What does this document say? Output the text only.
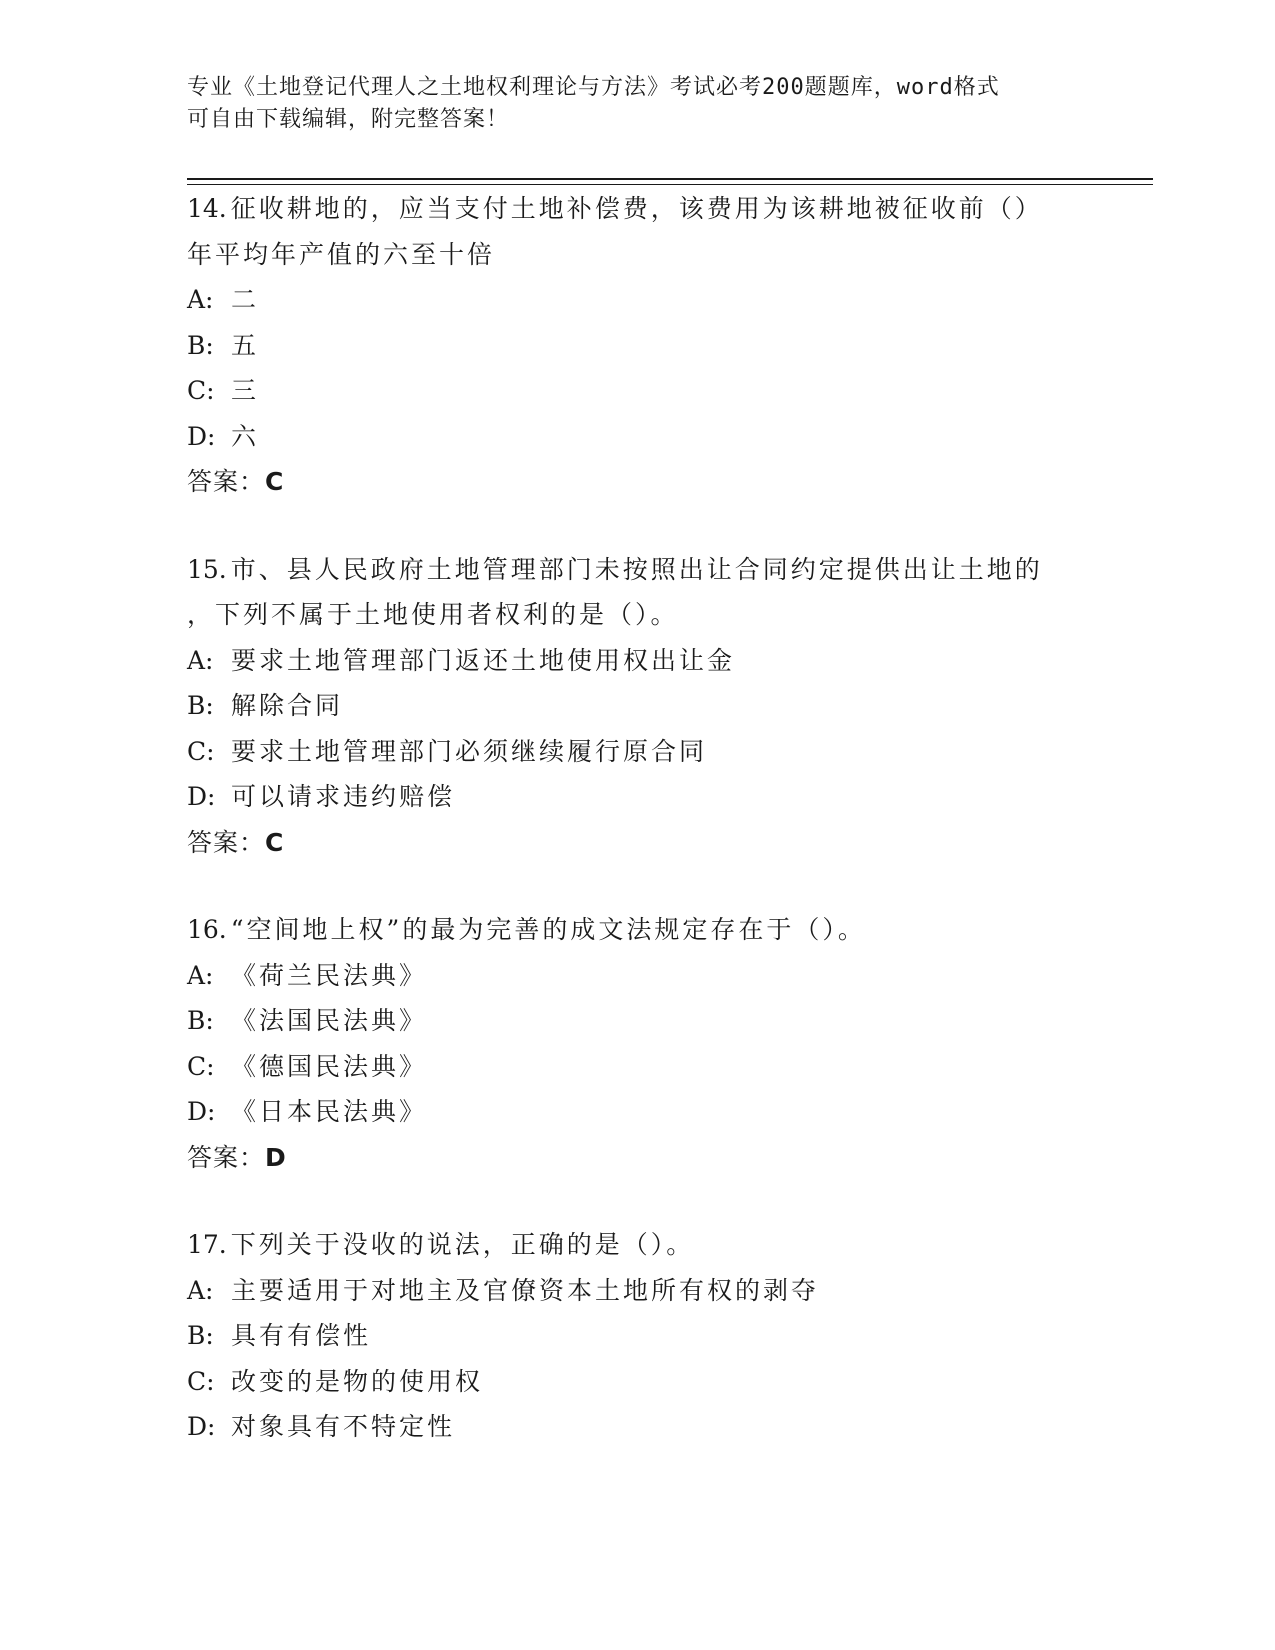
专业《土地登记代理人之土地权利理论与方法》考试必考200题题库，word格式
可自由下载编辑，附完整答案！
14. 征收耕地的，应当支付土地补偿费，该费用为该耕地被征收前（）
年平均年产值的六至十倍
A: 二
B: 五
C: 三
D: 六
答案：C
15. 市、县人民政府土地管理部门未按照出让合同约定提供出让土地的
，下列不属于土地使用者权利的是（）。
A: 要求土地管理部门返还土地使用权出让金
B: 解除合同
C: 要求土地管理部门必须继续履行原合同
D: 可以请求违约赔偿
答案：C
16. “空间地上权”的最为完善的成文法规定存在于（）。
A: 《荷兰民法典》
B: 《法国民法典》
C: 《德国民法典》
D: 《日本民法典》
答案：D
17. 下列关于没收的说法，正确的是（）。
A: 主要适用于对地主及官僚资本土地所有权的剥夺
B: 具有有偿性
C: 改变的是物的使用权
D: 对象具有不特定性
